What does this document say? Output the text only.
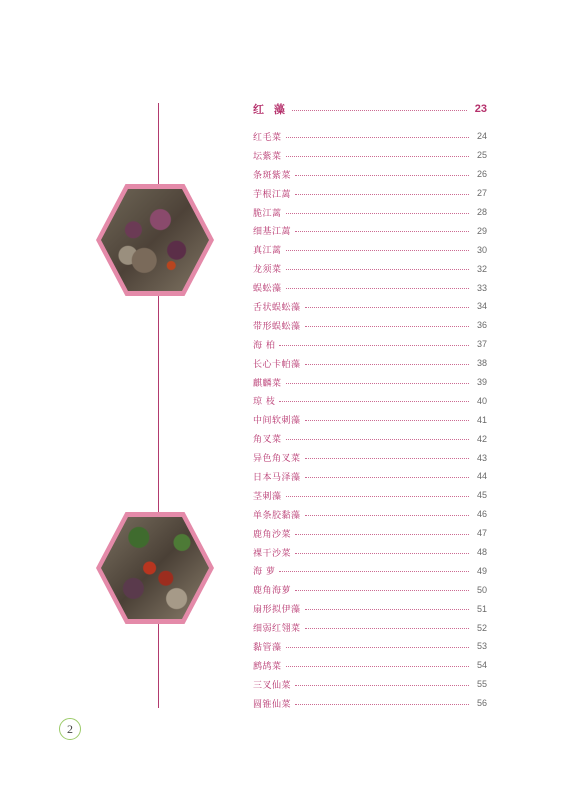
红 藻	23
红毛菜	24
坛紫菜	25
条斑紫菜	26
芋根江蓠	27
脆江蓠	28
细基江蓠	29
真江蓠	30
龙须菜	32
蜈蚣藻	33
舌状蜈蚣藻	34
带形蜈蚣藻	36
海 柏	37
长心卡帕藻	38
麒麟菜	39
琼 枝	40
中间软刺藻	41
角叉菜	42
异色角叉菜	43
日本马泽藻	44
茎刺藻	45
单条胶黏藻	46
鹿角沙菜	47
裸干沙菜	48
海 萝	49
鹿角海萝	50
扇形拟伊藻	51
细弱红翎菜	52
黏管藻	53
鹧鸪菜	54
三叉仙菜	55
圆锥仙菜	56
2
